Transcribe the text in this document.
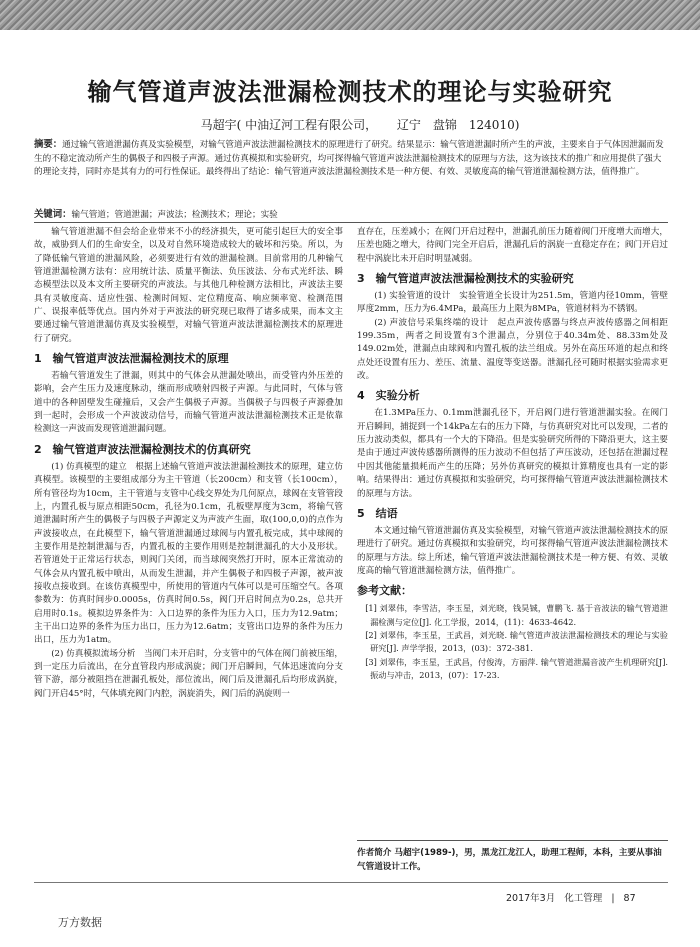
输气管道声波法泄漏检测技术的理论与实验研究
马超宇( 中油辽河工程有限公司， 辽宁　盘锦　124010)
摘要：通过输气管道泄漏仿真及实验模型，对输气管道声波法泄漏检测技术的原理进行了研究。结果显示：输气管道泄漏时所产生的声波，主要来自于气体因泄漏而发生的不稳定流动所产生的偶极子和四极子声源。通过仿真模拟和实验研究，均可探得输气管道声波法泄漏检测技术的原理与方法，这为该技术的推广和应用提供了强大的理论支持，同时亦是其有力的可行性保证。最终得出了结论：输气管道声波法泄漏检测技术是一种方便、有效、灵敏度高的输气管道泄漏检测方法，值得推广。
关键词：输气管道；管道泄漏；声波法；检测技术；理论；实验

输气管道泄漏不但会给企业带来不小的经济损失，更可能引起巨大的安全事故，威胁到人们的生命安全，以及对自然环境造成较大的破坏和污染。所以，为了降低输气管道的泄漏风险，必须要进行有效的泄漏检测。目前常用的几种输气管道泄漏检测方法有：应用统计法、质量平衡法、负压波法、分布式光纤法、瞬态模型法以及本文所主要研究的声波法。与其他几种检测方法相比，声波法主要具有灵敏度高、适应性强、检测时间短、定位精度高、响应频率宽、检测范围广、误报率低等优点。国内外对于声波法的研究现已取得了诸多成果，而本文主要通过输气管道泄漏仿真及实验模型，对输气管道声波法泄漏检测技术的原理进行了研究。

1　输气管道声波法泄漏检测技术的原理

若输气管道发生了泄漏，则其中的气体会从泄漏处喷出，而受管内外压差的影响，会产生压力及速度脉动，继而形成喷射四极子声源。与此同时，气体与管道中的各种固壁发生碰撞后，又会产生偶极子声源。当偶极子与四极子声源叠加到一起时，会形成一个声波波动信号，而输气管道声波法泄漏检测技术正是依靠检测这一声波而发现管道泄漏问题。

2　输气管道声波法泄漏检测技术的仿真研究

(1) 仿真模型的建立　根据上述输气管道声波法泄漏检测技术的原理，建立仿真模型。该模型的主要组成部分为主干管道（长200cm）和支管（长100cm），所有管径均为10cm，主干管道与支管中心线交界处为几何原点，球阀在支管管段上，内置孔板与原点相距50cm，孔径为0.1cm，孔板壁厚度为3cm，将输气管道泄漏时所产生的偶极子与四极子声源定义为声波产生面，取(100,0,0)的点作为声波接收点，在此模型下，输气管道泄漏通过球阀与内置孔板完成，其中球阀的主要作用是控制泄漏与否，内置孔板的主要作用则是控制泄漏孔的大小及形状。若管道处于正常运行状态，则阀门关闭，而当球阀突然打开时，原本正常流动的气体会从内置孔板中喷出，从而发生泄漏，并产生偶极子和四极子声源，被声波接收点接收到。在该仿真模型中，所使用的管道内气体可以是可压缩空气。各项参数为：仿真时间步0.0005s，仿真时间0.5s，阀门开启时间点为0.2s，总共开启用时0.1s。模拟边界条件为：入口边界的条件为压力入口，压力为12.9atm；主干出口边界的条件为压力出口，压力为12.6atm；支管出口边界的条件为压力出口，压力为1atm。

(2) 仿真模拟流场分析　当阀门未开启时，分支管中的气体在阀门前被压缩，到一定压力后流出，在分直管段内形成涡旋；阀门开启瞬间，气体迅速流向分支管下游，部分被阻挡在泄漏孔板处，部位流出，阀门后及泄漏孔后均形成涡旋，阀门开启45°时，气体填充阀门内腔，涡旋消失，阀门后的涡旋则一

直存在，压差减小；在阀门开启过程中，泄漏孔前压力随着阀门开度增大而增大，压差也随之增大，待阀门完全开启后，泄漏孔后的涡旋一直稳定存在；阀门开启过程中涡旋比未开启时明显减弱。

3　输气管道声波法泄漏检测技术的实验研究

(1) 实验管道的设计　实验管道全长设计为251.5m，管道内径10mm，管壁厚度2mm，压力为6.4MPa，最高压力上限为8MPa，管道材料为不锈钢。

(2) 声波信号采集终端的设计　起点声波传感器与终点声波传感器之间相距199.35m，两者之间设置有3个泄漏点，分别位于40.34m处、88.33m处及149.02m处，泄漏点由球阀和内置孔板的法兰组成。另外在高压环道的起点和终点处还设置有压力、差压、流量、温度等变送器。泄漏孔径可随时根据实验需求更改。

4　实验分析

在1.3MPa压力、0.1mm泄漏孔径下，开启阀门进行管道泄漏实验。在阀门开启瞬间，捕捉到一个14kPa左右的压力下降，与仿真研究对比可以发现，二者的压力波动类似，都具有一个大的下降沿。但是实验研究所得的下降沿更大，这主要是由于通过声波传感器所测得的压力波动不但包括了声压波动，还包括在泄漏过程中因其他能量损耗而产生的压降；另外仿真研究的模拟计算精度也具有一定的影响。结果得出：通过仿真模拟和实验研究，均可探得输气管道声波法泄漏检测技术的原理与方法。

5　结语

本文通过输气管道泄漏仿真及实验模型，对输气管道声波法泄漏检测技术的原理进行了研究。通过仿真模拟和实验研究，均可探得输气管道声波法泄漏检测技术的原理与方法。综上所述，输气管道声波法泄漏检测技术是一种方便、有效、灵敏度高的输气管道泄漏检测方法，值得推广。

参考文献：
[1] 刘翠伟，李雪洁，李玉星，刘光晓，钱昊铖，曹鹏飞. 基于音波法的输气管道泄漏检测与定位[J]. 化工学报，2014，(11)：4633-4642.
[2] 刘翠伟，李玉星，王武昌，刘光晓. 输气管道声波法泄漏检测技术的理论与实验研究[J]. 声学学报，2013，(03)：372-381.
[3] 刘翠伟，李玉星，王武昌，付俊涛，方丽萍. 输气管道泄漏音波产生机理研究[J]. 振动与冲击，2013，(07)：17-23.
作者简介 马超宇(1989-)，男，黑龙江龙江人，助理工程师，本科，主要从事油气管道设计工作。
2017年3月 化工管理 | 87
万方数据
